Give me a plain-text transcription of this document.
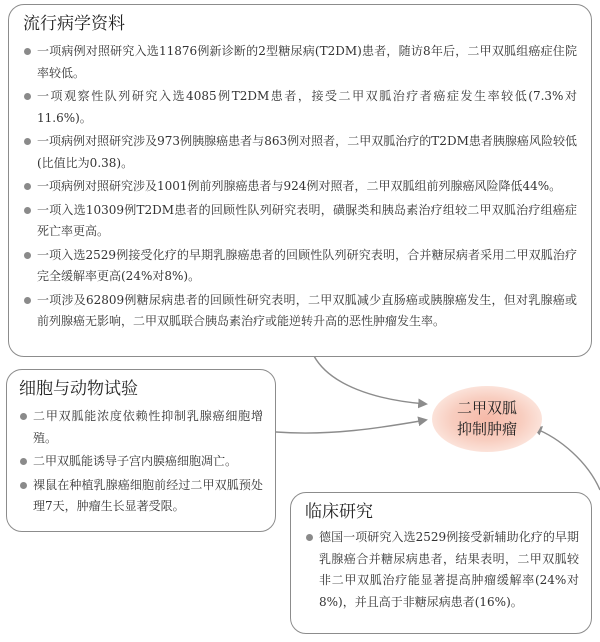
流行病学资料
一项病例对照研究入选11876例新诊断的2型糖尿病(T2DM)患者，随访8年后，二甲双胍组癌症住院率较低。
一项观察性队列研究入选4085例T2DM患者，接受二甲双胍治疗者癌症发生率较低(7.3%对11.6%)。
一项病例对照研究涉及973例胰腺癌患者与863例对照者，二甲双胍治疗的T2DM患者胰腺癌风险较低(比值比为0.38)。
一项病例对照研究涉及1001例前列腺癌患者与924例对照者，二甲双胍组前列腺癌风险降低44%。
一项入选10309例T2DM患者的回顾性队列研究表明，磺脲类和胰岛素治疗组较二甲双胍治疗组癌症死亡率更高。
一项入选2529例接受化疗的早期乳腺癌患者的回顾性队列研究表明，合并糖尿病者采用二甲双胍治疗完全缓解率更高(24%对8%)。
一项涉及62809例糖尿病患者的回顾性研究表明，二甲双胍减少直肠癌或胰腺癌发生，但对乳腺癌或前列腺癌无影响，二甲双胍联合胰岛素治疗或能逆转升高的恶性肿瘤发生率。
细胞与动物试验
二甲双胍能浓度依赖性抑制乳腺癌细胞增殖。
二甲双胍能诱导子宫内膜癌细胞凋亡。
裸鼠在种植乳腺癌细胞前经过二甲双胍预处理7天，肿瘤生长显著受限。
二甲双胍
抑制肿瘤
临床研究
德国一项研究入选2529例接受新辅助化疗的早期乳腺癌合并糖尿病患者，结果表明，二甲双胍较非二甲双胍治疗能显著提高肿瘤缓解率(24%对8%)，并且高于非糖尿病患者(16%)。
